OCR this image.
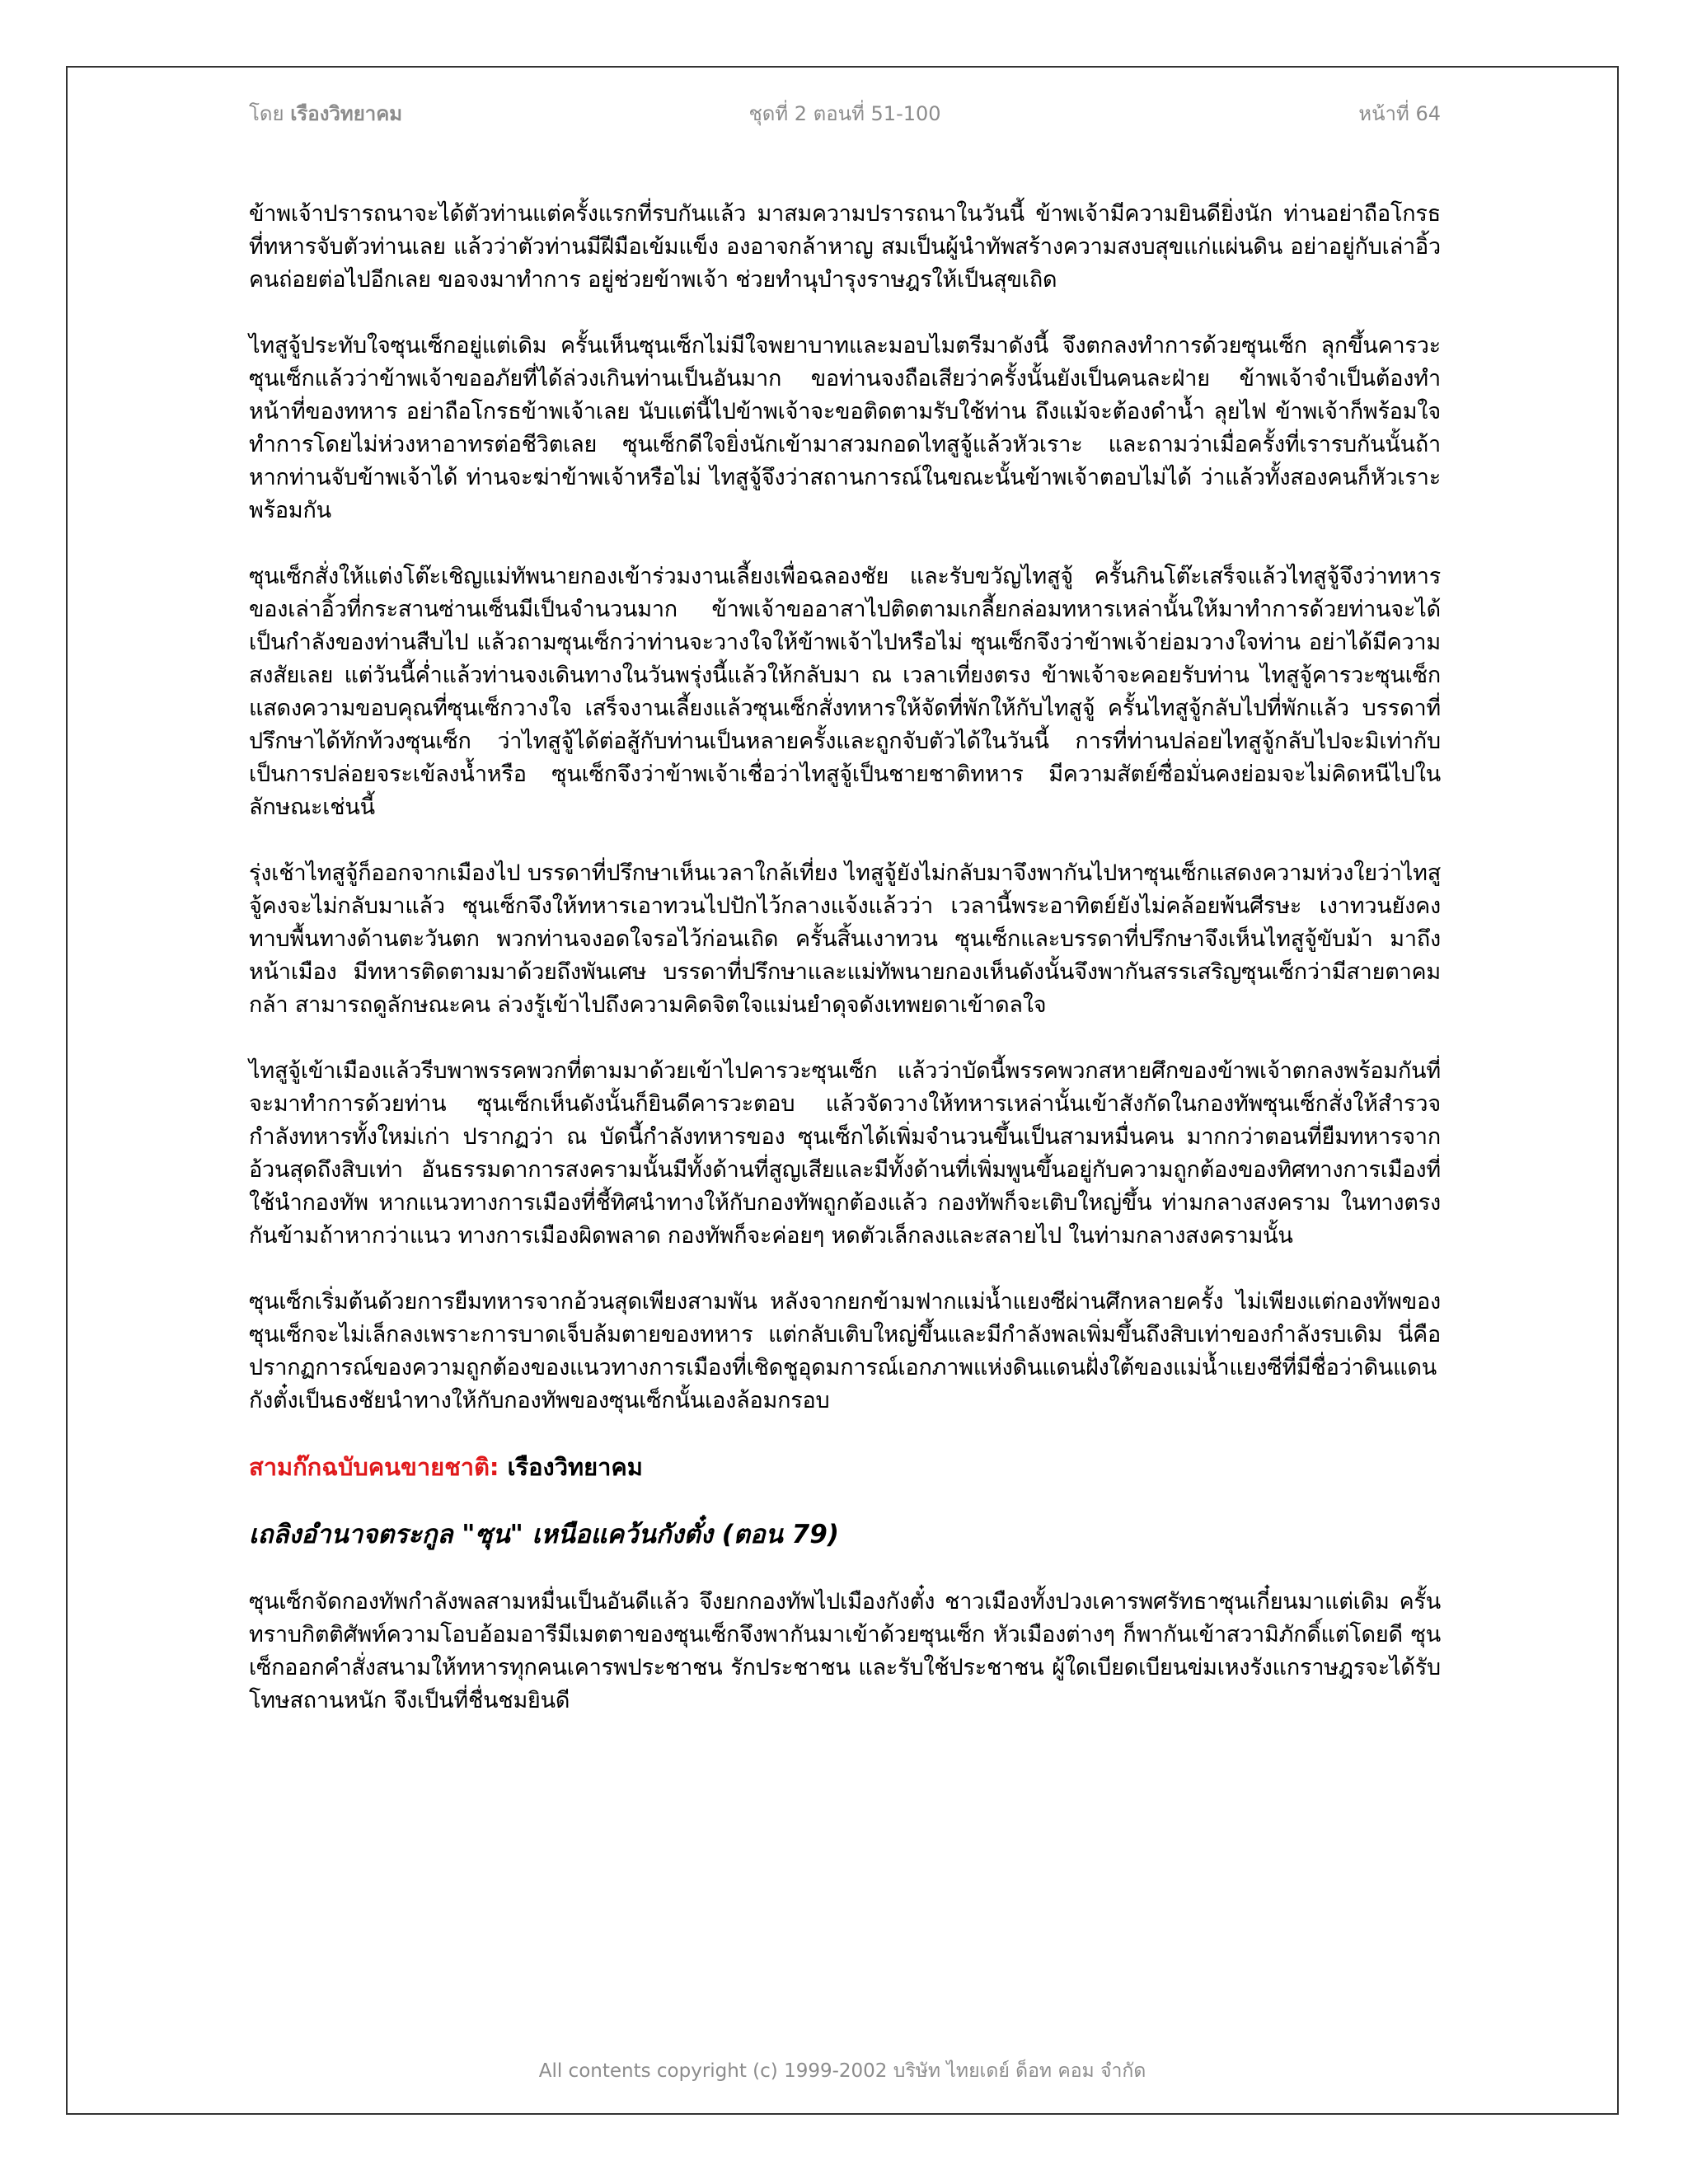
โดย เรืองวิทยาคม	ชุดที่ 2 ตอนที่ 51-100	หน้าที่ 64

ข้าพเจ้าปรารถนาจะได้ตัวท่านแต่ครั้งแรกที่รบกันแล้ว มาสมความปรารถนาในวันนี้ ข้าพเจ้ามีความยินดียิ่งนัก ท่านอย่าถือโกรธที่ทหารจับตัวท่านเลย แล้วว่าตัวท่านมีฝีมือเข้มแข็ง องอาจกล้าหาญ สมเป็นผู้นำทัพสร้างความสงบสุขแก่แผ่นดิน อย่าอยู่กับเล่าอิ้วคนถ่อยต่อไปอีกเลย ขอจงมาทำการ อยู่ช่วยข้าพเจ้า ช่วยทำนุบำรุงราษฎรให้เป็นสุขเถิด

ไทสูจู้ประทับใจซุนเซ็กอยู่แต่เดิม ครั้นเห็นซุนเซ็กไม่มีใจพยาบาทและมอบไมตรีมาดังนี้ จึงตกลงทำการด้วยซุนเซ็ก ลุกขึ้นคารวะซุนเซ็กแล้วว่าข้าพเจ้าขออภัยที่ได้ล่วงเกินท่านเป็นอันมาก ขอท่านจงถือเสียว่าครั้งนั้นยังเป็นคนละฝ่าย ข้าพเจ้าจำเป็นต้องทำหน้าที่ของทหาร อย่าถือโกรธข้าพเจ้าเลย นับแต่นี้ไปข้าพเจ้าจะขอติดตามรับใช้ท่าน ถึงแม้จะต้องดำน้ำ ลุยไฟ ข้าพเจ้าก็พร้อมใจทำการโดยไม่ห่วงหาอาทรต่อชีวิตเลย ซุนเซ็กดีใจยิ่งนักเข้ามาสวมกอดไทสูจู้แล้วหัวเราะ และถามว่าเมื่อครั้งที่เรารบกันนั้นถ้าหากท่านจับข้าพเจ้าได้ ท่านจะฆ่าข้าพเจ้าหรือไม่ ไทสูจู้จึงว่าสถานการณ์ในขณะนั้นข้าพเจ้าตอบไม่ได้ ว่าแล้วทั้งสองคนก็หัวเราะพร้อมกัน

ซุนเซ็กสั่งให้แต่งโต๊ะเชิญแม่ทัพนายกองเข้าร่วมงานเลี้ยงเพื่อฉลองชัย และรับขวัญไทสูจู้ ครั้นกินโต๊ะเสร็จแล้วไทสูจู้จึงว่าทหารของเล่าอิ้วที่กระสานซ่านเซ็นมีเป็นจำนวนมาก ข้าพเจ้าขออาสาไปติดตามเกลี้ยกล่อมทหารเหล่านั้นให้มาทำการด้วยท่านจะได้เป็นกำลังของท่านสืบไป แล้วถามซุนเซ็กว่าท่านจะวางใจให้ข้าพเจ้าไปหรือไม่ ซุนเซ็กจึงว่าข้าพเจ้าย่อมวางใจท่าน อย่าได้มีความสงสัยเลย แต่วันนี้ค่ำแล้วท่านจงเดินทางในวันพรุ่งนี้แล้วให้กลับมา ณ เวลาเที่ยงตรง ข้าพเจ้าจะคอยรับท่าน ไทสูจู้คารวะซุนเซ็กแสดงความขอบคุณที่ซุนเซ็กวางใจ เสร็จงานเลี้ยงแล้วซุนเซ็กสั่งทหารให้จัดที่พักให้กับไทสูจู้ ครั้นไทสูจู้กลับไปที่พักแล้ว บรรดาที่ปรึกษาได้ทักท้วงซุนเซ็ก ว่าไทสูจู้ได้ต่อสู้กับท่านเป็นหลายครั้งและถูกจับตัวได้ในวันนี้ การที่ท่านปล่อยไทสูจู้กลับไปจะมิเท่ากับเป็นการปล่อยจระเข้ลงน้ำหรือ ซุนเซ็กจึงว่าข้าพเจ้าเชื่อว่าไทสูจู้เป็นชายชาติทหาร มีความสัตย์ซื่อมั่นคงย่อมจะไม่คิดหนีไปในลักษณะเช่นนี้

รุ่งเช้าไทสูจู้ก็ออกจากเมืองไป บรรดาที่ปรึกษาเห็นเวลาใกล้เที่ยง ไทสูจู้ยังไม่กลับมาจึงพากันไปหาซุนเซ็กแสดงความห่วงใยว่าไทสูจู้คงจะไม่กลับมาแล้ว ซุนเซ็กจึงให้ทหารเอาทวนไปปักไว้กลางแจ้งแล้วว่า เวลานี้พระอาทิตย์ยังไม่คล้อยพ้นศีรษะ เงาทวนยังคงทาบพื้นทางด้านตะวันตก พวกท่านจงอดใจรอไว้ก่อนเถิด ครั้นสิ้นเงาทวน ซุนเซ็กและบรรดาที่ปรึกษาจึงเห็นไทสูจู้ขับม้า มาถึงหน้าเมือง มีทหารติดตามมาด้วยถึงพันเศษ บรรดาที่ปรึกษาและแม่ทัพนายกองเห็นดังนั้นจึงพากันสรรเสริญซุนเซ็กว่ามีสายตาคมกล้า สามารถดูลักษณะคน ล่วงรู้เข้าไปถึงความคิดจิตใจแม่นยำดุจดังเทพยดาเข้าดลใจ

ไทสูจู้เข้าเมืองแล้วรีบพาพรรคพวกที่ตามมาด้วยเข้าไปคารวะซุนเซ็ก แล้วว่าบัดนี้พรรคพวกสหายศึกของข้าพเจ้าตกลงพร้อมกันที่จะมาทำการด้วยท่าน ซุนเซ็กเห็นดังนั้นก็ยินดีคารวะตอบ แล้วจัดวางให้ทหารเหล่านั้นเข้าสังกัดในกองทัพซุนเซ็กสั่งให้สำรวจกำลังทหารทั้งใหม่เก่า ปรากฏว่า ณ บัดนี้กำลังทหารของ ซุนเซ็กได้เพิ่มจำนวนขึ้นเป็นสามหมื่นคน มากกว่าตอนที่ยืมทหารจากอ้วนสุดถึงสิบเท่า อันธรรมดาการสงครามนั้นมีทั้งด้านที่สูญเสียและมีทั้งด้านที่เพิ่มพูนขึ้นอยู่กับความถูกต้องของทิศทางการเมืองที่ใช้นำกองทัพ หากแนวทางการเมืองที่ชี้ทิศนำทางให้กับกองทัพถูกต้องแล้ว กองทัพก็จะเติบใหญ่ขึ้น ท่ามกลางสงคราม ในทางตรงกันข้ามถ้าหากว่าแนว ทางการเมืองผิดพลาด กองทัพก็จะค่อยๆ หดตัวเล็กลงและสลายไป ในท่ามกลางสงครามนั้น

ซุนเซ็กเริ่มต้นด้วยการยืมทหารจากอ้วนสุดเพียงสามพัน หลังจากยกข้ามฟากแม่น้ำแยงซีผ่านศึกหลายครั้ง ไม่เพียงแต่กองทัพของซุนเซ็กจะไม่เล็กลงเพราะการบาดเจ็บล้มตายของทหาร แต่กลับเติบใหญ่ขึ้นและมีกำลังพลเพิ่มขึ้นถึงสิบเท่าของกำลังรบเดิม นี่คือปรากฏการณ์ของความถูกต้องของแนวทางการเมืองที่เชิดชูอุดมการณ์เอกภาพแห่งดินแดนฝั่งใต้ของแม่น้ำแยงซีที่มีชื่อว่าดินแดน กังตั๋งเป็นธงชัยนำทางให้กับกองทัพของซุนเซ็กนั้นเองล้อมกรอบ

สามก๊กฉบับคนขายชาติ: เรืองวิทยาคม
เถลิงอำนาจตระกูล "ซุน" เหนือแคว้นกังตั๋ง (ตอน 79)

ซุนเซ็กจัดกองทัพกำลังพลสามหมื่นเป็นอันดีแล้ว จึงยกกองทัพไปเมืองกังตั๋ง ชาวเมืองทั้งปวงเคารพศรัทธาซุนเกี๋ยนมาแต่เดิม ครั้นทราบกิตติศัพท์ความโอบอ้อมอารีมีเมตตาของซุนเซ็กจึงพากันมาเข้าด้วยซุนเซ็ก หัวเมืองต่างๆ ก็พากันเข้าสวามิภักดิ์แต่โดยดี ซุนเซ็กออกคำสั่งสนามให้ทหารทุกคนเคารพประชาชน รักประชาชน และรับใช้ประชาชน ผู้ใดเบียดเบียนข่มเหงรังแกราษฎรจะได้รับโทษสถานหนัก จึงเป็นที่ชื่นชมยินดี

All contents copyright (c) 1999-2002 บริษัท ไทยเดย์ ด็อท คอม จำกัด
